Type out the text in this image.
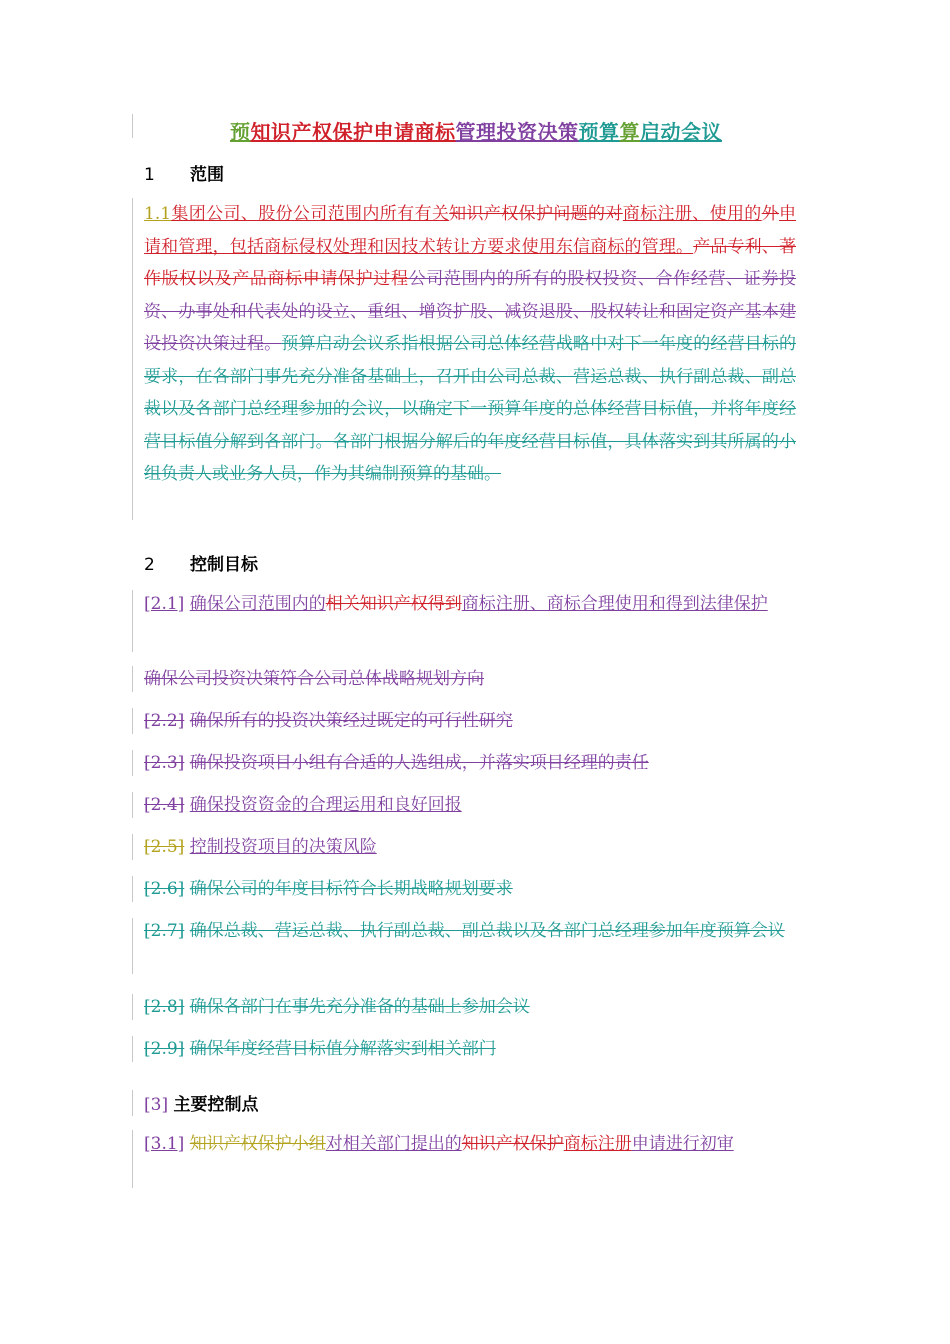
预知识产权保护申请商标管理投资决策预算算启动会议
1 范围
1.1集团公司、股份公司范围内所有有关知识产权保护问题的对商标注册、使用的外申请和管理，包括商标侵权处理和因技术转让方要求使用东信商标的管理。产品专利、著作版权以及产品商标申请保护过程公司范围内的所有的股权投资、合作经营、证券投资、办事处和代表处的设立、重组、增资扩股、减资退股、股权转让和固定资产基本建设投资决策过程。预算启动会议系指根据公司总体经营战略中对下一年度的经营目标的要求，在各部门事先充分准备基础上，召开由公司总裁、营运总裁、执行副总裁、副总裁以及各部门总经理参加的会议，以确定下一预算年度的总体经营目标值，并将年度经营目标值分解到各部门。各部门根据分解后的年度经营目标值，具体落实到其所属的小组负责人或业务人员，作为其编制预算的基础。
2 控制目标
[2.1] 确保公司范围内的相关知识产权得到商标注册、商标合理使用和得到法律保护
确保公司投资决策符合公司总体战略规划方向
[2.2] 确保所有的投资决策经过既定的可行性研究
[2.3] 确保投资项目小组有合适的人选组成，并落实项目经理的责任
[2.4] 确保投资资金的合理运用和良好回报
[2.5] 控制投资项目的决策风险
[2.6] 确保公司的年度目标符合长期战略规划要求
[2.7] 确保总裁、营运总裁、执行副总裁、副总裁以及各部门总经理参加年度预算会议
[2.8] 确保各部门在事先充分准备的基础上参加会议
[2.9] 确保年度经营目标值分解落实到相关部门
[3] 主要控制点
[3.1] 知识产权保护小组对相关部门提出的知识产权保护商标注册申请进行初审
